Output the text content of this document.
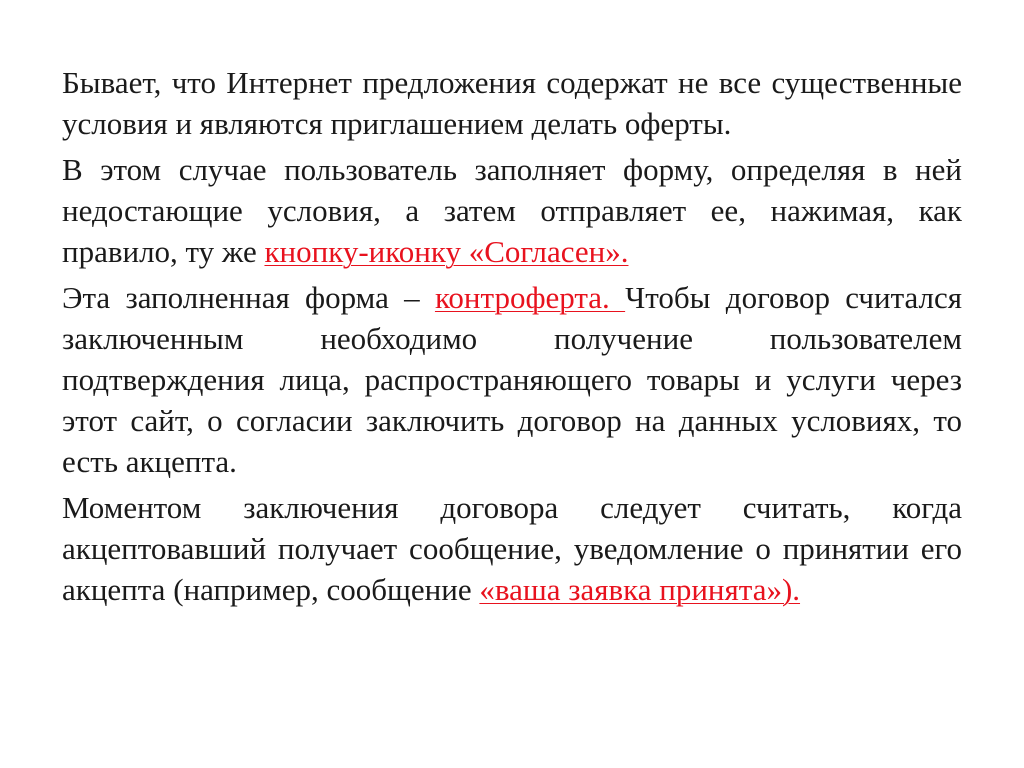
Бывает, что Интернет предложения содержат не все существенные условия и являются приглашением делать оферты.

В этом случае пользователь заполняет форму, определяя в ней недостающие условия, а затем отправляет ее, нажимая, как правило, ту же кнопку-иконку «Согласен».

Эта заполненная форма – контроферта. Чтобы договор считался заключенным необходимо получение пользователем подтверждения лица, распространяющего товары и услуги через этот сайт, о согласии заключить договор на данных условиях, то есть акцепта.

Моментом заключения договора следует считать, когда акцептовавший получает сообщение, уведомление о принятии его акцепта (например, сообщение «ваша заявка принята»).
